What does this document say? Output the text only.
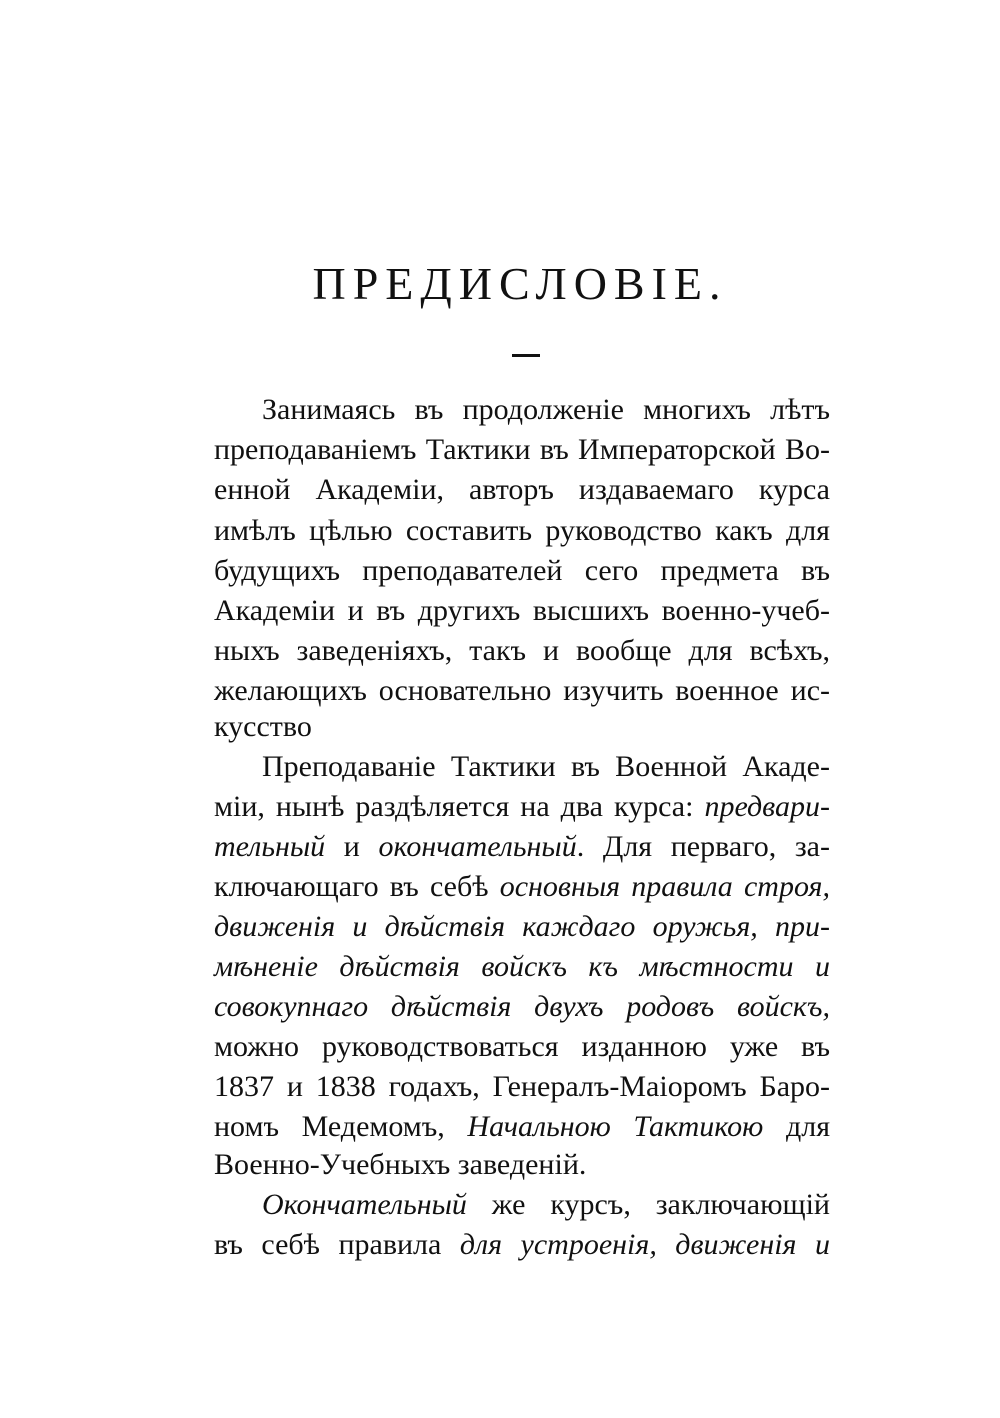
ПРЕДИСЛОВІЕ.
Занимаясь въ продолженіе многихъ лѣтъ
преподаваніемъ Тактики въ Императорской Во-
енной Академіи, авторъ издаваемаго курса
имѣлъ цѣлью составить руководство какъ для
будущихъ преподавателей сего предмета въ
Академіи и въ другихъ высшихъ военно-учеб-
ныхъ заведеніяхъ, такъ и вообще для всѣхъ,
желающихъ основательно изучить военное ис-
кусство
Преподаваніе Тактики въ Военной Акаде-
міи, нынѣ раздѣляется на два курса: предвари-
тельный и окончательный. Для перваго, за-
ключающаго въ себѣ основныя правила строя,
движенія и дѣйствія каждаго оружья, при-
мѣненіе дѣйствія войскъ къ мѣстности и
совокупнаго дѣйствія двухъ родовъ войскъ,
можно руководствоваться изданною уже въ
1837 и 1838 годахъ, Генералъ-Маіоромъ Баро-
номъ Медемомъ, Начальною Тактикою для
Военно-Учебныхъ заведеній.
Окончательный же курсъ, заключающій
въ себѣ правила для устроенія, движенія и
